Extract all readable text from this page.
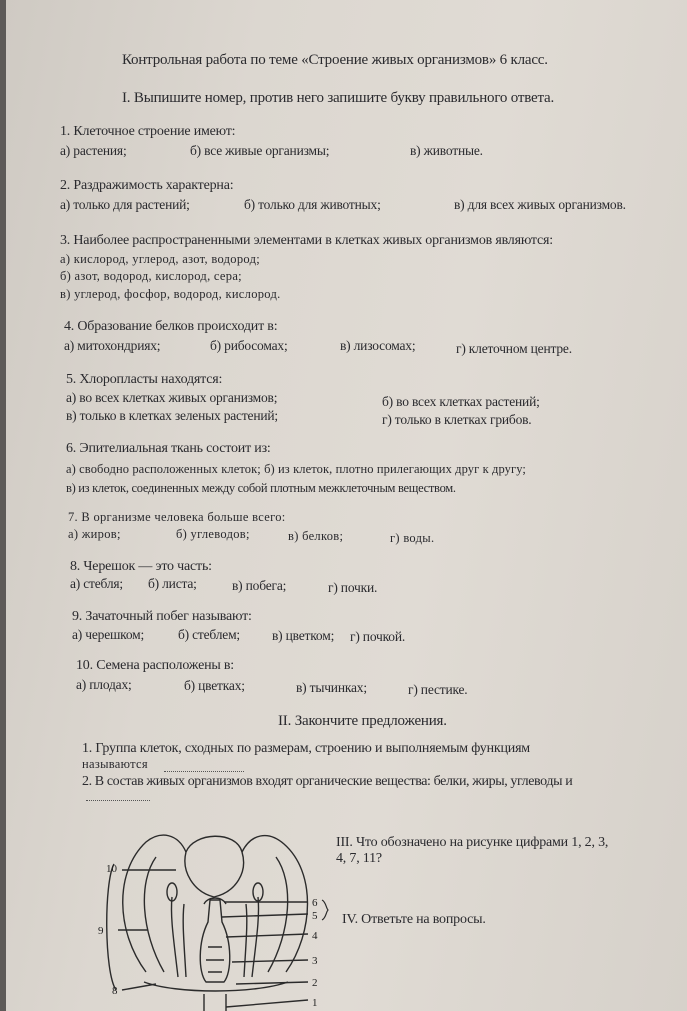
Контрольная работа по теме «Строение живых организмов» 6 класс.
I. Выпишите номер, против него запишите букву правильного ответа.
1. Клеточное строение имеют:
а) растения;	б) все живые организмы;	в) животные.
2. Раздражимость характерна:
а) только для растений;	б) только для животных;	в) для всех живых организмов.
3. Наиболее распространенными элементами в клетках живых организмов являются:
а) кислород, углерод, азот, водород;
б) азот, водород, кислород, сера;
в) углерод, фосфор, водород, кислород.
4. Образование белков происходит в:
а) митохондриях;	б) рибосомах;	в) лизосомах;	г) клеточном центре.
5. Хлоропласты находятся:
а) во всех клетках живых организмов;	б) во всех клетках растений;
в) только в клетках зеленых растений;	г) только в клетках грибов.
6. Эпителиальная ткань состоит из:
а) свободно расположенных клеток; б) из клеток, плотно прилегающих друг к другу;
в) из клеток, соединенных между собой плотным межклеточным веществом.
7. В организме человека больше всего:
а) жиров;	б) углеводов;	в) белков;	г) воды.
8. Черешок — это часть:
а) стебля; б) листа;	в) побега;	г) почки.
9. Зачаточный побег называют:
а) черешком;	б) стеблем; в) цветком; г) почкой.
10. Семена расположены в:
а) плодах;	б) цветках;	в) тычинках;	г) пестике.
II. Закончите предложения.
1. Группа клеток, сходных по размерам, строению и выполняемым функциям
называются
2. В состав живых организмов входят органические вещества: белки, жиры, углеводы и
III. Что обозначено на рисунке цифрами 1, 2, 3,
4, 7, 11?
IV. Ответьте на вопросы.
10
9
8
6
5
4
3
2
1
